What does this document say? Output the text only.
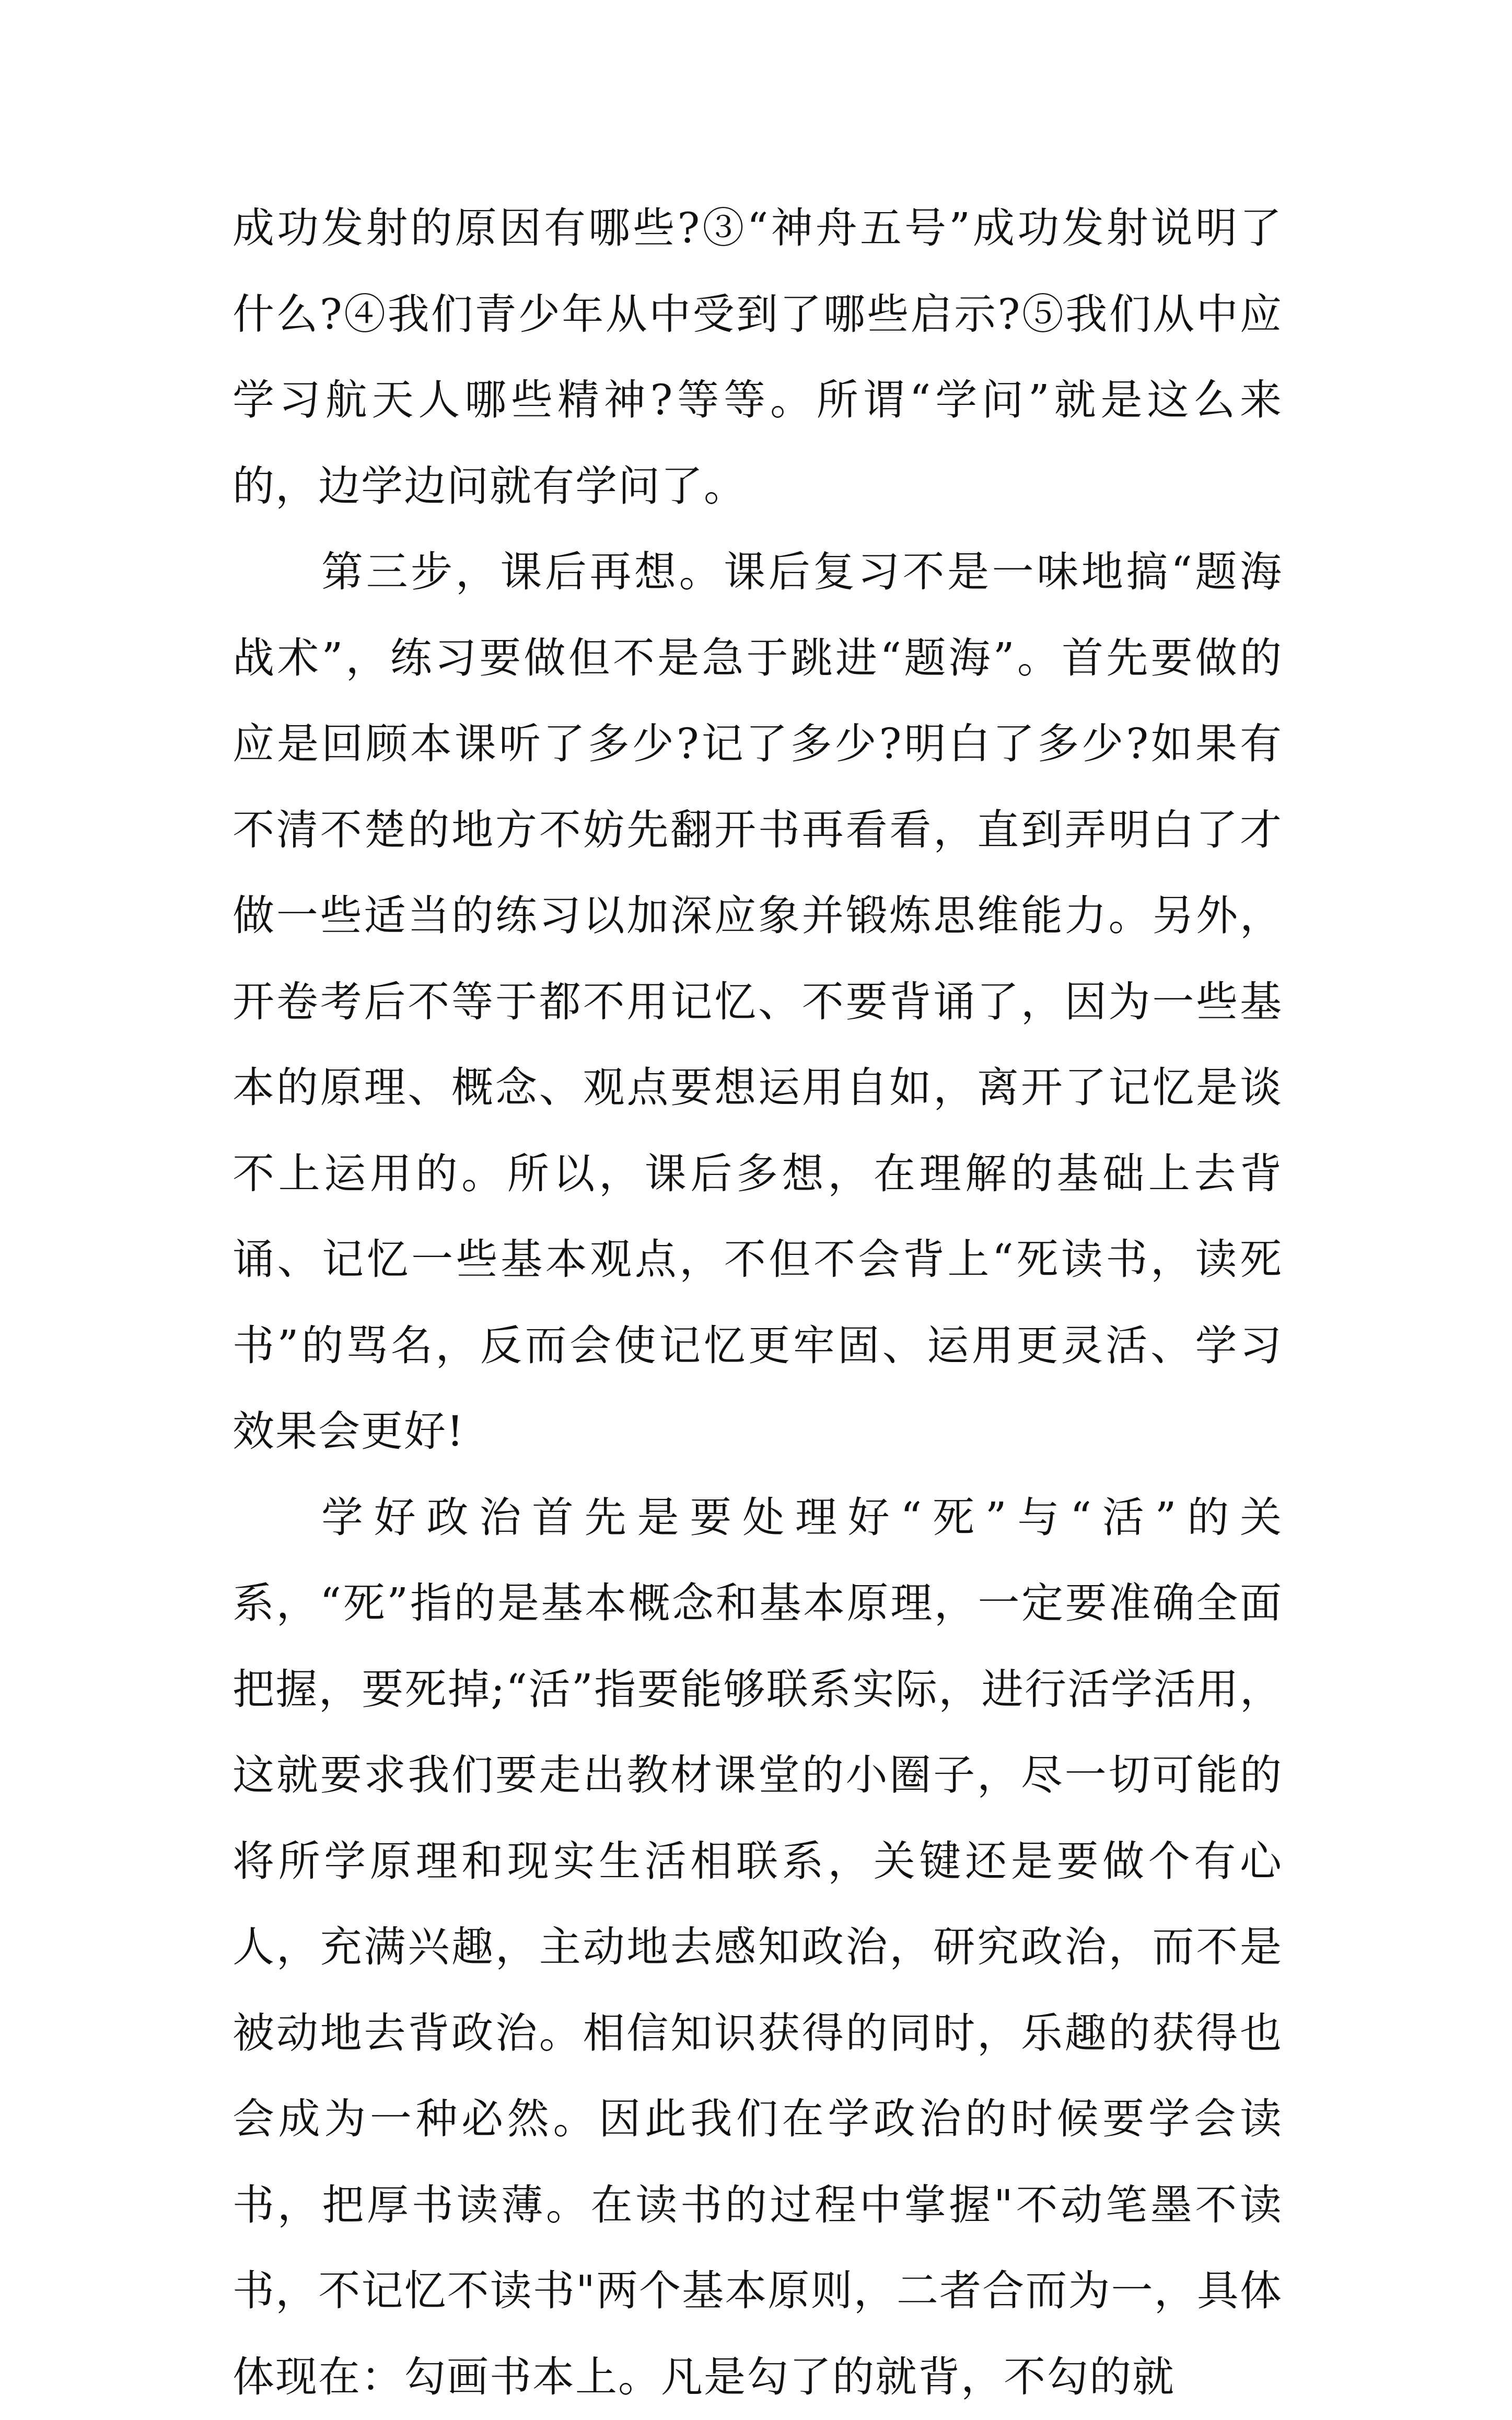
成功发射的原因有哪些?③“神舟五号”成功发射说明了什么?④我们青少年从中受到了哪些启示?⑤我们从中应学习航天人哪些精神?等等。所谓“学问”就是这么来的，边学边问就有学问了。

第三步，课后再想。课后复习不是一味地搞“题海战术”，练习要做但不是急于跳进“题海”。首先要做的应是回顾本课听了多少?记了多少?明白了多少?如果有不清不楚的地方不妨先翻开书再看看，直到弄明白了才做一些适当的练习以加深应象并锻炼思维能力。另外，开卷考后不等于都不用记忆、不要背诵了，因为一些基本的原理、概念、观点要想运用自如，离开了记忆是谈不上运用的。所以，课后多想，在理解的基础上去背诵、记忆一些基本观点，不但不会背上“死读书，读死书”的骂名，反而会使记忆更牢固、运用更灵活、学习效果会更好!

学好政治首先是要处理好“死”与“活”的关系，“死”指的是基本概念和基本原理，一定要准确全面把握，要死掉;“活”指要能够联系实际，进行活学活用，这就要求我们要走出教材课堂的小圈子，尽一切可能的将所学原理和现实生活相联系，关键还是要做个有心人，充满兴趣，主动地去感知政治，研究政治，而不是被动地去背政治。相信知识获得的同时，乐趣的获得也会成为一种必然。因此我们在学政治的时候要学会读书，把厚书读薄。在读书的过程中掌握"不动笔墨不读书，不记忆不读书"两个基本原则，二者合而为一，具体体现在：勾画书本上。凡是勾了的就背，不勾的就
